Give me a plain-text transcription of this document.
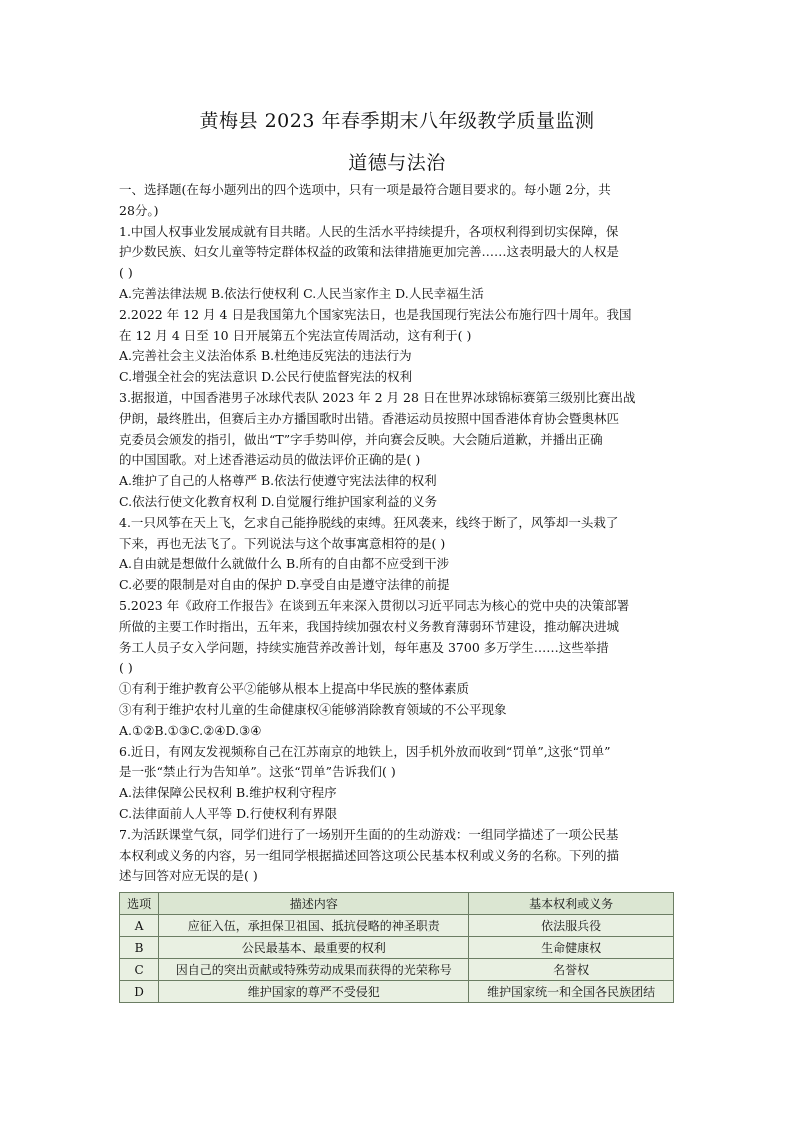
黄梅县 2023 年春季期末八年级教学质量监测
道德与法治
一、选择题(在每小题列出的四个选项中，只有一项是最符合题目要求的。每小题 2分，共
28分。)
1.中国人权事业发展成就有目共睹。人民的生活水平持续提升，各项权利得到切实保障，保
护少数民族、妇女儿童等特定群体权益的政策和法律措施更加完善……这表明最大的人权是
( )
A.完善法律法规 B.依法行使权利 C.人民当家作主 D.人民幸福生活
2.2022 年 12 月 4 日是我国第九个国家宪法日，也是我国现行宪法公布施行四十周年。我国
在 12 月 4 日至 10 日开展第五个宪法宣传周活动，这有利于( )
A.完善社会主义法治体系 B.杜绝违反宪法的违法行为
C.增强全社会的宪法意识 D.公民行使监督宪法的权利
3.据报道，中国香港男子冰球代表队 2023 年 2 月 28 日在世界冰球锦标赛第三级别比赛出战
伊朗，最终胜出，但赛后主办方播国歌时出错。香港运动员按照中国香港体育协会暨奥林匹
克委员会颁发的指引，做出“T”字手势叫停，并向赛会反映。大会随后道歉，并播出正确
的中国国歌。对上述香港运动员的做法评价正确的是( )
A.维护了自己的人格尊严 B.依法行使遵守宪法法律的权利
C.依法行使文化教育权利 D.自觉履行维护国家利益的义务
4.一只风筝在天上飞，乞求自己能挣脱线的束缚。狂风袭来，线终于断了，风筝却一头栽了
下来，再也无法飞了。下列说法与这个故事寓意相符的是( )
A.自由就是想做什么就做什么 B.所有的自由都不应受到干涉
C.必要的限制是对自由的保护 D.享受自由是遵守法律的前提
5.2023 年《政府工作报告》在谈到五年来深入贯彻以习近平同志为核心的党中央的决策部署
所做的主要工作时指出，五年来，我国持续加强农村义务教育薄弱环节建设，推动解决进城
务工人员子女入学问题，持续实施营养改善计划，每年惠及 3700 多万学生……这些举措
( )
①有利于维护教育公平②能够从根本上提高中华民族的整体素质
③有利于维护农村儿童的生命健康权④能够消除教育领域的不公平现象
A.①②B.①③C.②④D.③④
6.近日，有网友发视频称自己在江苏南京的地铁上，因手机外放而收到“罚单”,这张“罚单”
是一张“禁止行为告知单”。这张“罚单”告诉我们( )
A.法律保障公民权利 B.维护权利守程序
C.法律面前人人平等 D.行使权利有界限
7.为活跃课堂气氛，同学们进行了一场别开生面的的生动游戏：一组同学描述了一项公民基
本权利或义务的内容，另一组同学根据描述回答这项公民基本权利或义务的名称。下列的描
述与回答对应无误的是( )
选项	描述内容	基本权利或义务
A	应征入伍，承担保卫祖国、抵抗侵略的神圣职责	依法服兵役
B	公民最基本、最重要的权利	生命健康权
C	因自己的突出贡献或特殊劳动成果而获得的光荣称号	名誉权
D	维护国家的尊严不受侵犯	维护国家统一和全国各民族团结
